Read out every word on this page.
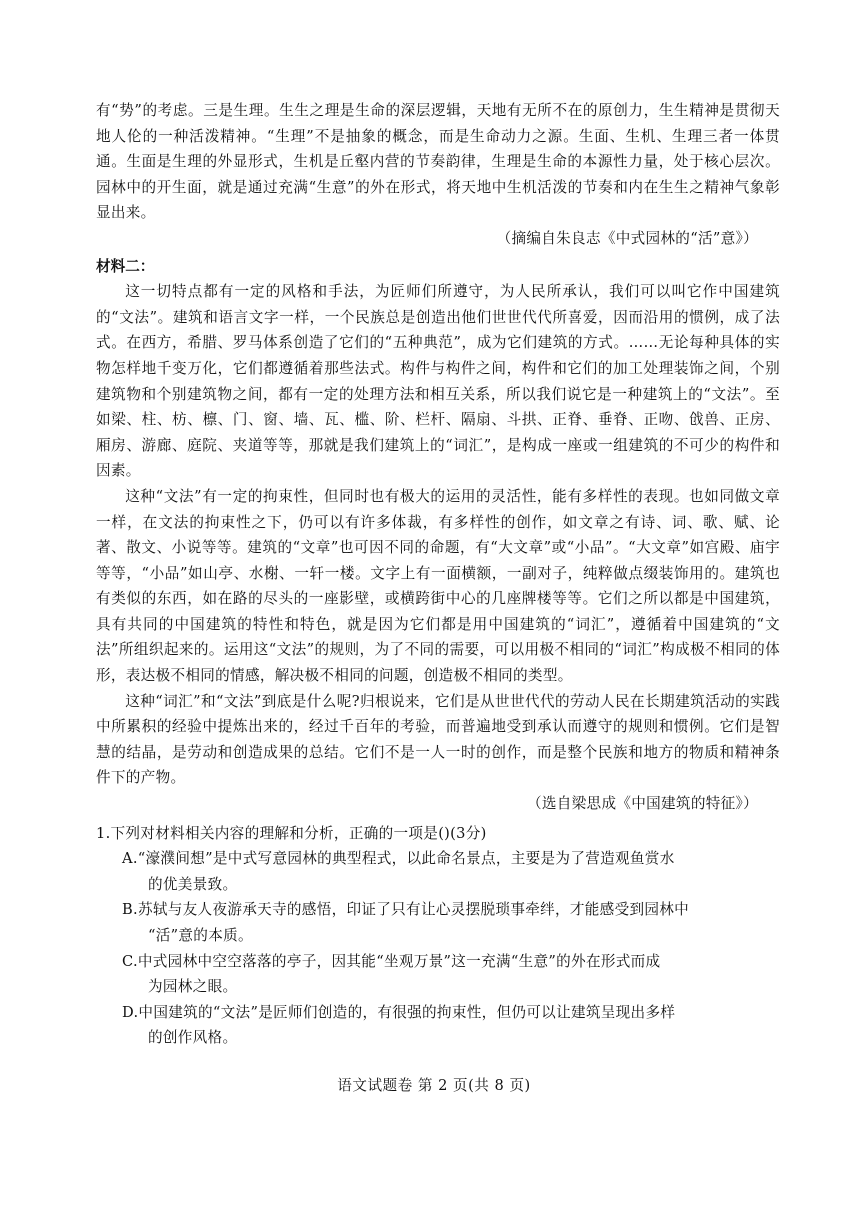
有“势”的考虑。三是生理。生生之理是生命的深层逻辑，天地有无所不在的原创力，生生精神是贯彻天地人伦的一种活泼精神。“生理”不是抽象的概念，而是生命动力之源。生面、生机、生理三者一体贯通。生面是生理的外显形式，生机是丘壑内营的节奏韵律，生理是生命的本源性力量，处于核心层次。园林中的开生面，就是通过充满“生意”的外在形式，将天地中生机活泼的节奏和内在生生之精神气象彰显出来。

（摘编自朱良志《中式园林的“活”意》）

材料二：

这一切特点都有一定的风格和手法，为匠师们所遵守，为人民所承认，我们可以叫它作中国建筑的“文法”。建筑和语言文字一样，一个民族总是创造出他们世世代代所喜爱，因而沿用的惯例，成了法式。在西方，希腊、罗马体系创造了它们的“五种典范”，成为它们建筑的方式。……无论每种具体的实物怎样地千变万化，它们都遵循着那些法式。构件与构件之间，构件和它们的加工处理装饰之间，个别建筑物和个别建筑物之间，都有一定的处理方法和相互关系，所以我们说它是一种建筑上的“文法”。至如梁、柱、枋、檩、门、窗、墙、瓦、槛、阶、栏杆、隔扇、斗拱、正脊、垂脊、正吻、戗兽、正房、厢房、游廊、庭院、夹道等等，那就是我们建筑上的“词汇”，是构成一座或一组建筑的不可少的构件和因素。

这种“文法”有一定的拘束性，但同时也有极大的运用的灵活性，能有多样性的表现。也如同做文章一样，在文法的拘束性之下，仍可以有许多体裁，有多样性的创作，如文章之有诗、词、歌、赋、论著、散文、小说等等。建筑的“文章”也可因不同的命题，有“大文章”或“小品”。“大文章”如宫殿、庙宇等等，“小品”如山亭、水榭、一轩一楼。文字上有一面横额，一副对子，纯粹做点缀装饰用的。建筑也有类似的东西，如在路的尽头的一座影壁，或横跨街中心的几座牌楼等等。它们之所以都是中国建筑，具有共同的中国建筑的特性和特色，就是因为它们都是用中国建筑的“词汇”，遵循着中国建筑的“文法”所组织起来的。运用这“文法”的规则，为了不同的需要，可以用极不相同的“词汇”构成极不相同的体形，表达极不相同的情感，解决极不相同的问题，创造极不相同的类型。

这种“词汇”和“文法”到底是什么呢?归根说来，它们是从世世代代的劳动人民在长期建筑活动的实践中所累积的经验中提炼出来的，经过千百年的考验，而普遍地受到承认而遵守的规则和惯例。它们是智慧的结晶，是劳动和创造成果的总结。它们不是一人一时的创作，而是整个民族和地方的物质和精神条件下的产物。

（选自梁思成《中国建筑的特征》）

1.下列对材料相关内容的理解和分析，正确的一项是()(3分)

A.“濠濮间想”是中式写意园林的典型程式，以此命名景点，主要是为了营造观鱼赏水

的优美景致。

B.苏轼与友人夜游承天寺的感悟，印证了只有让心灵摆脱琐事牵绊，才能感受到园林中

“活”意的本质。

C.中式园林中空空落落的亭子，因其能“坐观万景”这一充满“生意”的外在形式而成

为园林之眼。

D.中国建筑的“文法”是匠师们创造的，有很强的拘束性，但仍可以让建筑呈现出多样

的创作风格。

语文试题卷 第 2 页(共 8 页)
